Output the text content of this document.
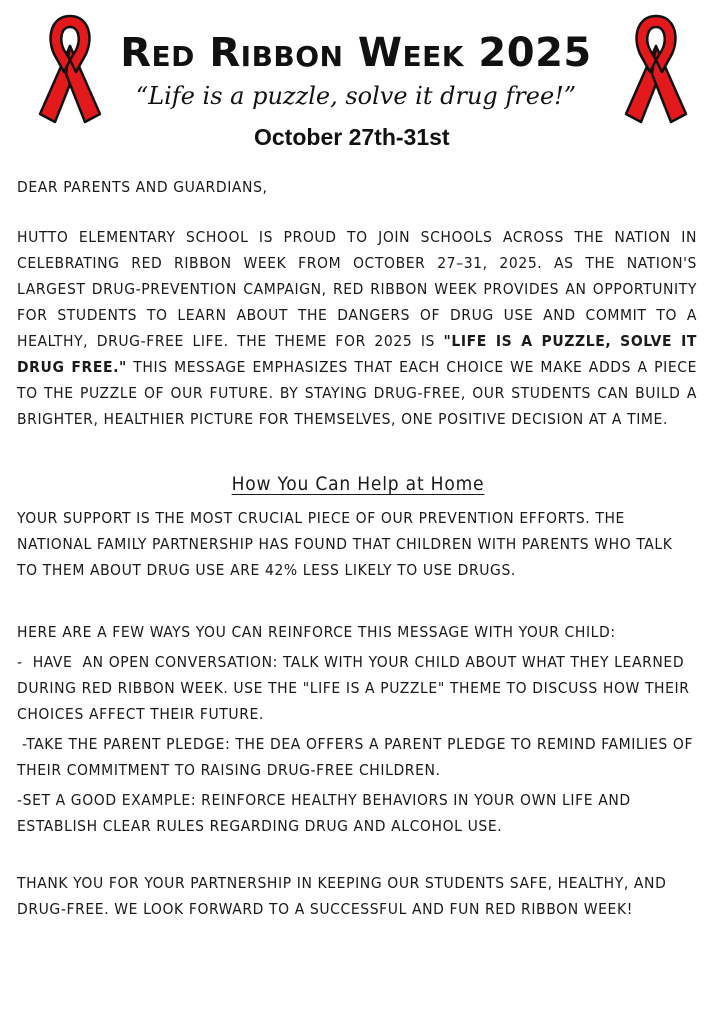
Red Ribbon Week 2025
“Life is a puzzle, solve it drug free!”
October 27th-31st
DEAR PARENTS AND GUARDIANS,
HUTTO ELEMENTARY SCHOOL IS PROUD TO JOIN SCHOOLS ACROSS THE NATION IN CELEBRATING RED RIBBON WEEK FROM OCTOBER 27–31, 2025. AS THE NATION'S LARGEST DRUG-PREVENTION CAMPAIGN, RED RIBBON WEEK PROVIDES AN OPPORTUNITY FOR STUDENTS TO LEARN ABOUT THE DANGERS OF DRUG USE AND COMMIT TO A HEALTHY, DRUG-FREE LIFE. THE THEME FOR 2025 IS "LIFE IS A PUZZLE, SOLVE IT DRUG FREE." THIS MESSAGE EMPHASIZES THAT EACH CHOICE WE MAKE ADDS A PIECE TO THE PUZZLE OF OUR FUTURE. BY STAYING DRUG-FREE, OUR STUDENTS CAN BUILD A BRIGHTER, HEALTHIER PICTURE FOR THEMSELVES, ONE POSITIVE DECISION AT A TIME.
How You Can Help at Home
YOUR SUPPORT IS THE MOST CRUCIAL PIECE OF OUR PREVENTION EFFORTS. THE NATIONAL FAMILY PARTNERSHIP HAS FOUND THAT CHILDREN WITH PARENTS WHO TALK TO THEM ABOUT DRUG USE ARE 42% LESS LIKELY TO USE DRUGS.
HERE ARE A FEW WAYS YOU CAN REINFORCE THIS MESSAGE WITH YOUR CHILD:
-  HAVE  AN OPEN CONVERSATION: TALK WITH YOUR CHILD ABOUT WHAT THEY LEARNED DURING RED RIBBON WEEK. USE THE "LIFE IS A PUZZLE" THEME TO DISCUSS HOW THEIR CHOICES AFFECT THEIR FUTURE.
-TAKE THE PARENT PLEDGE: THE DEA OFFERS A PARENT PLEDGE TO REMIND FAMILIES OF THEIR COMMITMENT TO RAISING DRUG-FREE CHILDREN.
-SET A GOOD EXAMPLE: REINFORCE HEALTHY BEHAVIORS IN YOUR OWN LIFE AND ESTABLISH CLEAR RULES REGARDING DRUG AND ALCOHOL USE.
THANK YOU FOR YOUR PARTNERSHIP IN KEEPING OUR STUDENTS SAFE, HEALTHY, AND DRUG-FREE. WE LOOK FORWARD TO A SUCCESSFUL AND FUN RED RIBBON WEEK!
